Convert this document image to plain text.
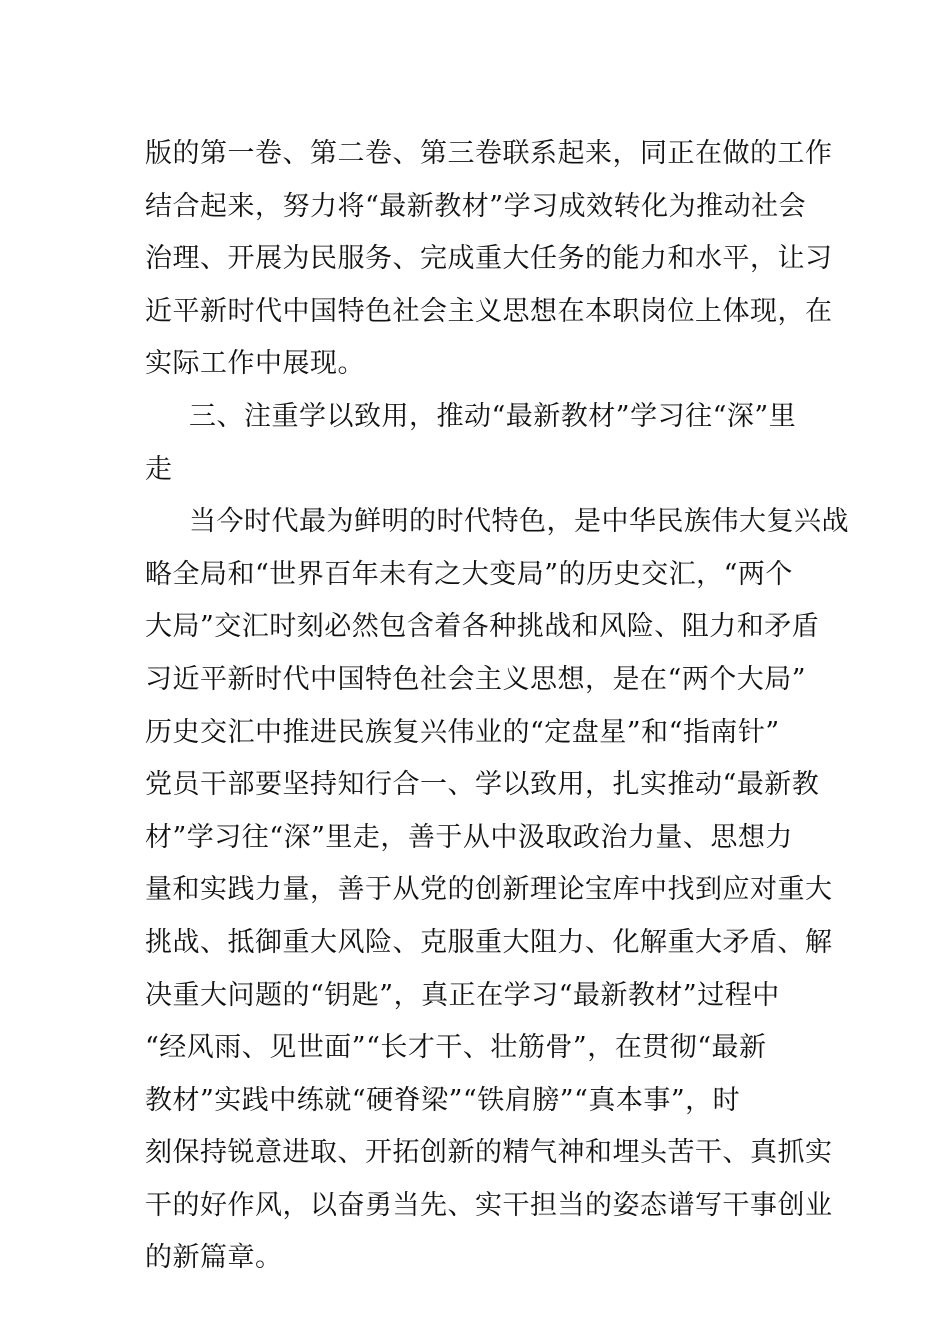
版的第一卷、第二卷、第三卷联系起来，同正在做的工作
结合起来，努力将“最新教材”学习成效转化为推动社会
治理、开展为民服务、完成重大任务的能力和水平，让习
近平新时代中国特色社会主义思想在本职岗位上体现，在
实际工作中展现。
三、注重学以致用，推动“最新教材”学习往“深”里
走
当今时代最为鲜明的时代特色，是中华民族伟大复兴战
略全局和“世界百年未有之大变局”的历史交汇，“两个
大局”交汇时刻必然包含着各种挑战和风险、阻力和矛盾
习近平新时代中国特色社会主义思想，是在“两个大局”
历史交汇中推进民族复兴伟业的“定盘星”和“指南针”
党员干部要坚持知行合一、学以致用，扎实推动“最新教
材”学习往“深”里走，善于从中汲取政治力量、思想力
量和实践力量，善于从党的创新理论宝库中找到应对重大
挑战、抵御重大风险、克服重大阻力、化解重大矛盾、解
决重大问题的“钥匙”，真正在学习“最新教材”过程中
“经风雨、见世面”“长才干、壮筋骨”，在贯彻“最新
教材”实践中练就“硬脊梁”“铁肩膀”“真本事”，时
刻保持锐意进取、开拓创新的精气神和埋头苦干、真抓实
干的好作风，以奋勇当先、实干担当的姿态谱写干事创业
的新篇章。
